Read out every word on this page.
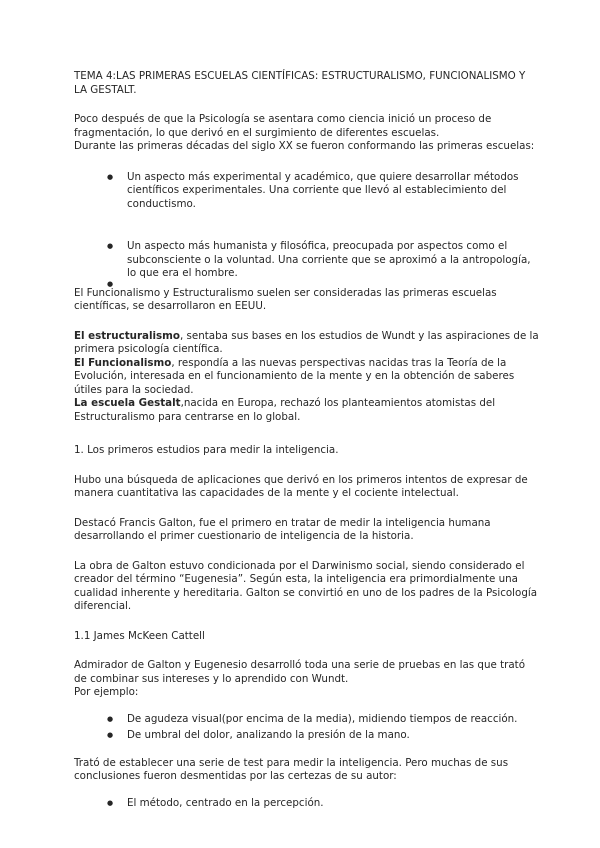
TEMA 4:LAS PRIMERAS ESCUELAS CIENTÍFICAS: ESTRUCTURALISMO, FUNCIONALISMO Y LA GESTALT.

Poco después de que la Psicología se asentara como ciencia inició un proceso de fragmentación, lo que derivó en el surgimiento de diferentes escuelas.

Durante las primeras décadas del siglo XX se fueron conformando las primeras escuelas:

● Un aspecto más experimental y académico, que quiere desarrollar métodos científicos experimentales. Una corriente que llevó al establecimiento del conductismo.
● Un aspecto más humanista y filosófica, preocupada por aspectos como el subconsciente o la voluntad. Una corriente que se aproximó a la antropología, lo que era el hombre.
●

El Funcionalismo y Estructuralismo suelen ser consideradas las primeras escuelas científicas, se desarrollaron en EEUU.

El estructuralismo, sentaba sus bases en los estudios de Wundt y las aspiraciones de la primera psicología científica.

El Funcionalismo, respondía a las nuevas perspectivas nacidas tras la Teoría de la Evolución, interesada en el funcionamiento de la mente y en la obtención de saberes útiles para la sociedad.

La escuela Gestalt,nacida en Europa, rechazó los planteamientos atomistas del Estructuralismo para centrarse en lo global.

1. Los primeros estudios para medir la inteligencia.

Hubo una búsqueda de aplicaciones que derivó en los primeros intentos de expresar de manera cuantitativa las capacidades de la mente y el cociente intelectual.

Destacó Francis Galton, fue el primero en tratar de medir la inteligencia humana desarrollando el primer cuestionario de inteligencia de la historia.

La obra de Galton estuvo condicionada por el Darwinismo social, siendo considerado el creador del término “Eugenesia”. Según esta, la inteligencia era primordialmente una cualidad inherente y hereditaria. Galton se convirtió en uno de los padres de la Psicología diferencial.

1.1 James McKeen Cattell

Admirador de Galton y Eugenesio desarrolló toda una serie de pruebas en las que trató de combinar sus intereses y lo aprendido con Wundt.

Por ejemplo:

● De agudeza visual(por encima de la media), midiendo tiempos de reacción.
● De umbral del dolor, analizando la presión de la mano.

Trató de establecer una serie de test para medir la inteligencia. Pero muchas de sus conclusiones fueron desmentidas por las certezas de su autor:

● El método, centrado en la percepción.
